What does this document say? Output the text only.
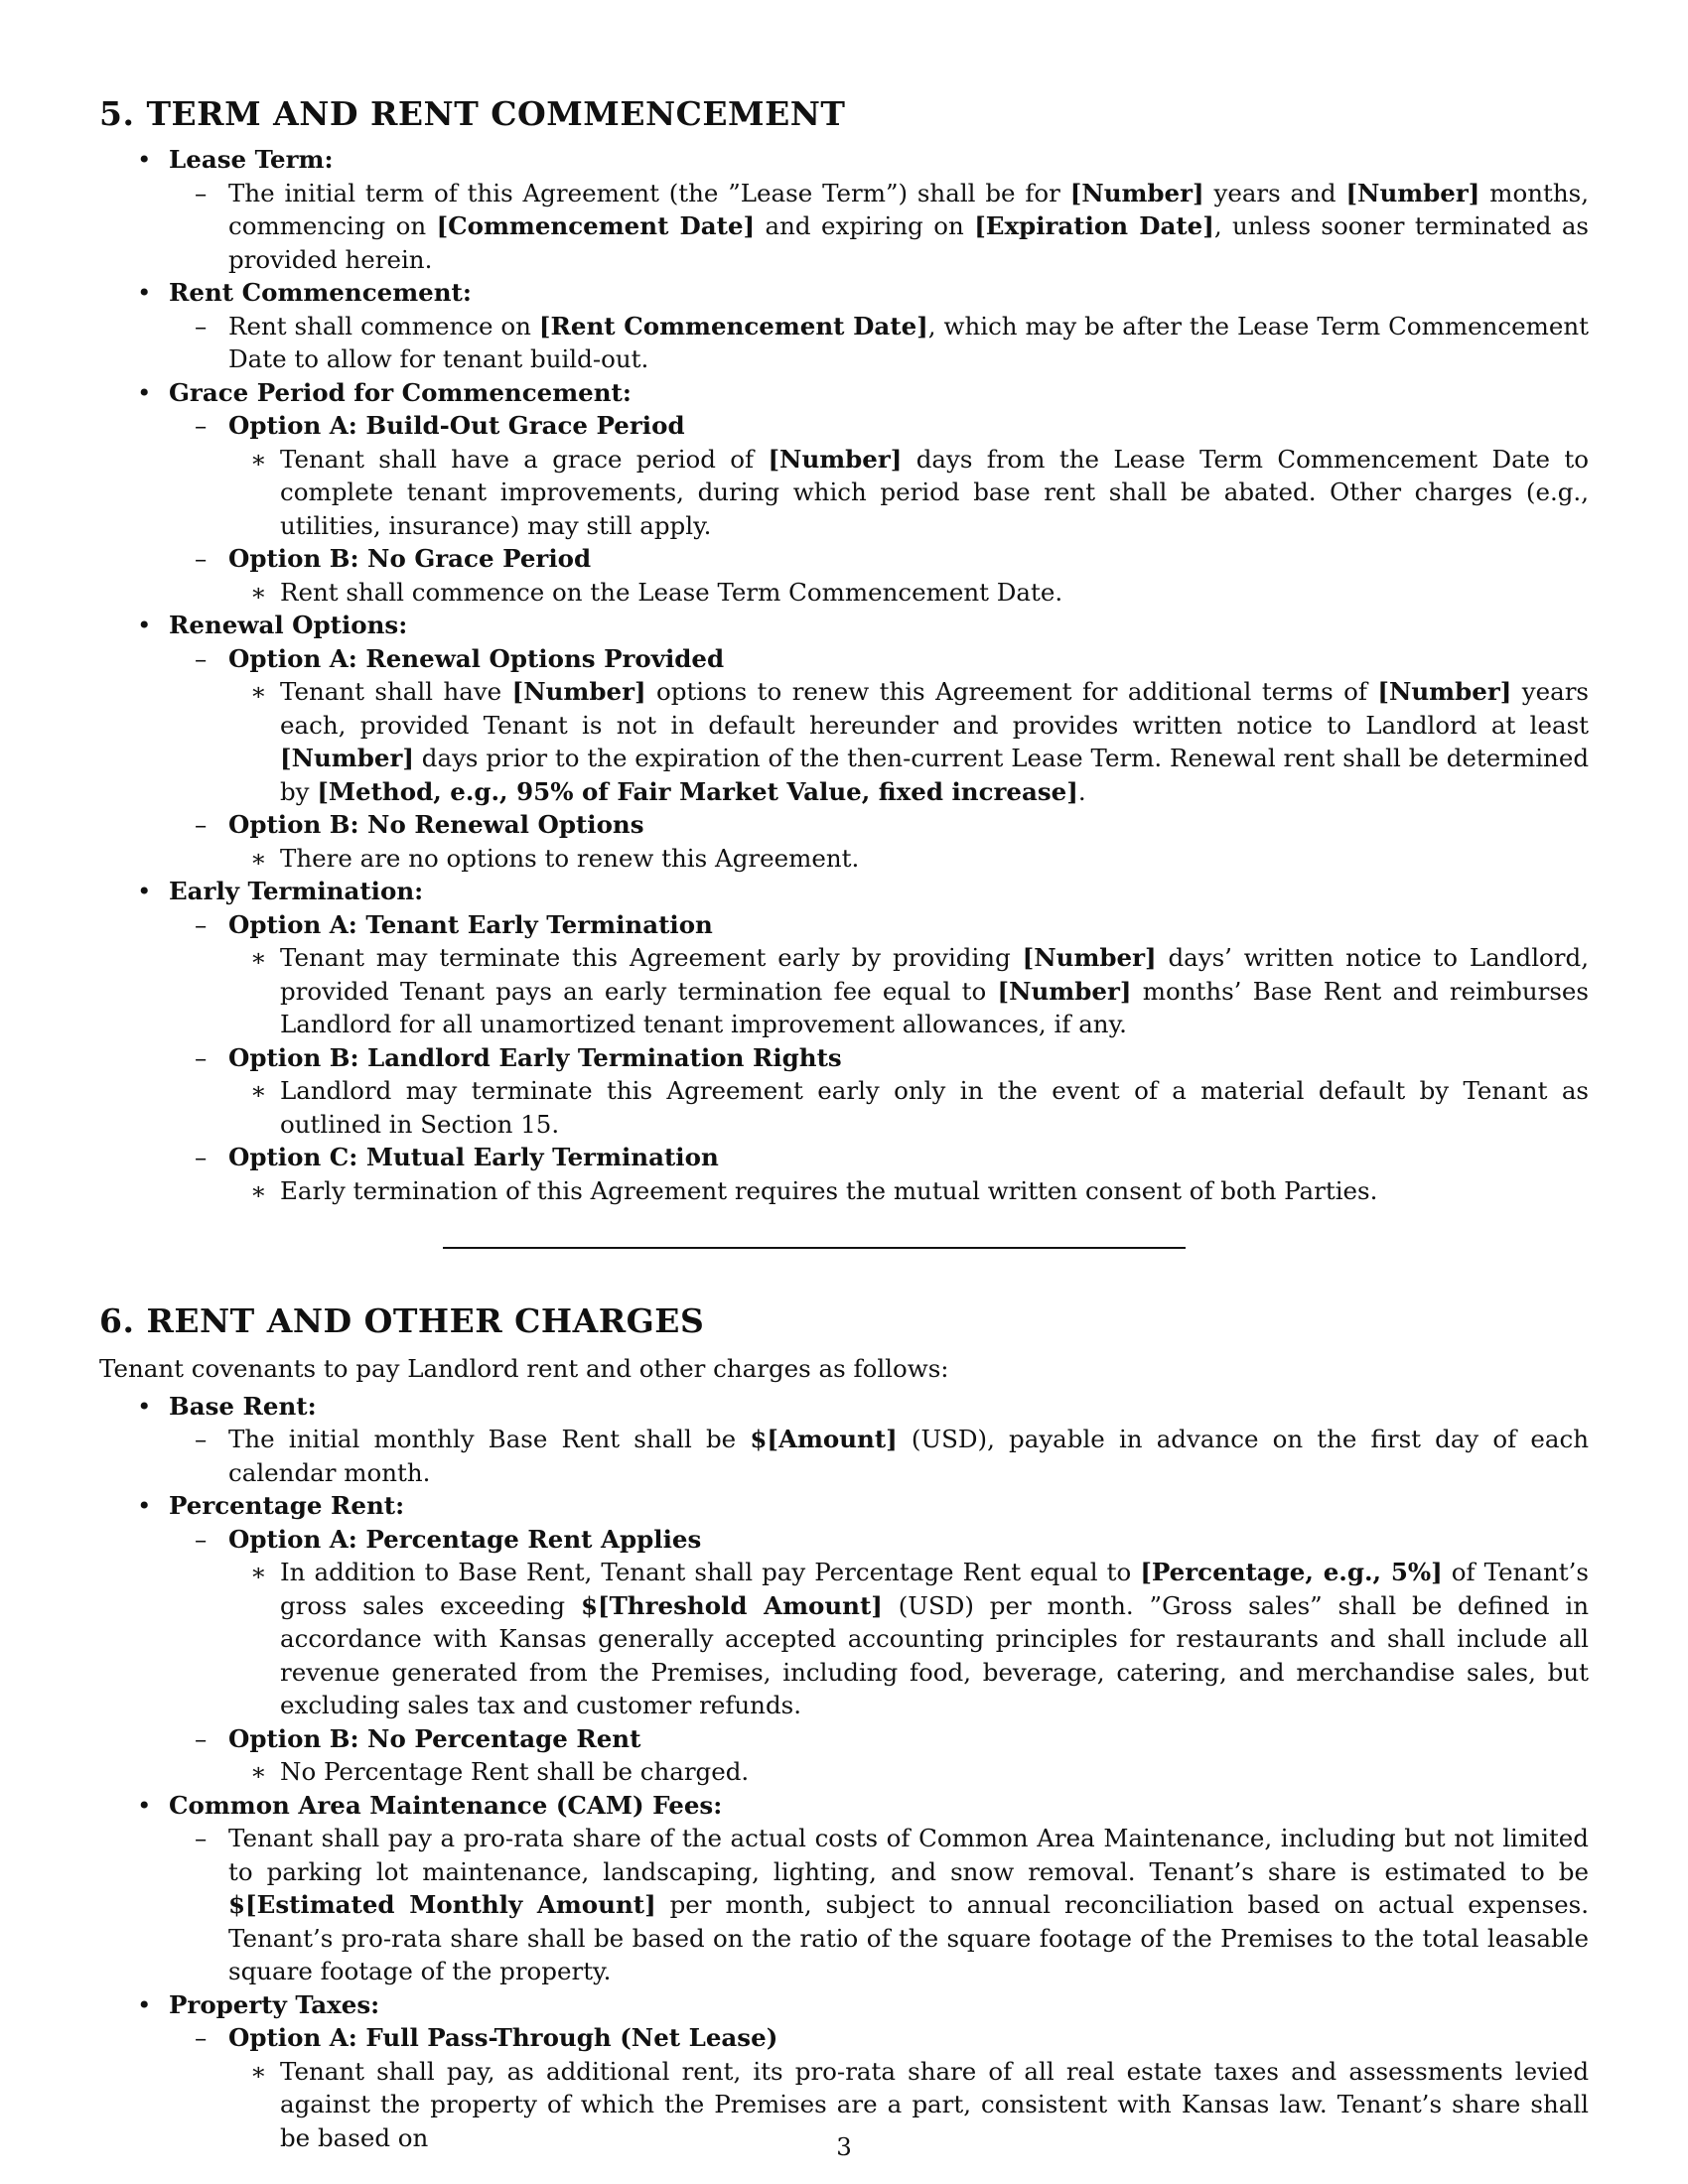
5. TERM AND RENT COMMENCEMENT
• Lease Term:
– The initial term of this Agreement (the ”Lease Term”) shall be for [Number] years and [Number] months, commencing on [Commencement Date] and expiring on [Expiration Date], unless sooner terminated as provided herein.
• Rent Commencement:
– Rent shall commence on [Rent Commencement Date], which may be after the Lease Term Commencement Date to allow for tenant build-out.
• Grace Period for Commencement:
– Option A: Build-Out Grace Period
∗ Tenant shall have a grace period of [Number] days from the Lease Term Commencement Date to complete tenant improvements, during which period base rent shall be abated. Other charges (e.g., utilities, insurance) may still apply.
– Option B: No Grace Period
∗ Rent shall commence on the Lease Term Commencement Date.
• Renewal Options:
– Option A: Renewal Options Provided
∗ Tenant shall have [Number] options to renew this Agreement for additional terms of [Number] years each, provided Tenant is not in default hereunder and provides written notice to Landlord at least [Number] days prior to the expiration of the then-current Lease Term. Renewal rent shall be determined by [Method, e.g., 95% of Fair Market Value, fixed increase].
– Option B: No Renewal Options
∗ There are no options to renew this Agreement.
• Early Termination:
– Option A: Tenant Early Termination
∗ Tenant may terminate this Agreement early by providing [Number] days’ written notice to Landlord, provided Tenant pays an early termination fee equal to [Number] months’ Base Rent and reimburses Landlord for all unamortized tenant improvement allowances, if any.
– Option B: Landlord Early Termination Rights
∗ Landlord may terminate this Agreement early only in the event of a material default by Tenant as outlined in Section 15.
– Option C: Mutual Early Termination
∗ Early termination of this Agreement requires the mutual written consent of both Parties.
6. RENT AND OTHER CHARGES

Tenant covenants to pay Landlord rent and other charges as follows:

• Base Rent:
– The initial monthly Base Rent shall be $[Amount] (USD), payable in advance on the first day of each calendar month.
• Percentage Rent:
– Option A: Percentage Rent Applies
∗ In addition to Base Rent, Tenant shall pay Percentage Rent equal to [Percentage, e.g., 5%] of Tenant’s gross sales exceeding $[Threshold Amount] (USD) per month. ”Gross sales” shall be defined in accordance with Kansas generally accepted accounting principles for restaurants and shall include all revenue generated from the Premises, including food, beverage, catering, and merchandise sales, but excluding sales tax and customer refunds.
– Option B: No Percentage Rent
∗ No Percentage Rent shall be charged.
• Common Area Maintenance (CAM) Fees:
– Tenant shall pay a pro-rata share of the actual costs of Common Area Maintenance, including but not limited to parking lot maintenance, landscaping, lighting, and snow removal. Tenant’s share is estimated to be $[Estimated Monthly Amount] per month, subject to annual reconciliation based on actual expenses. Tenant’s pro-rata share shall be based on the ratio of the square footage of the Premises to the total leasable square footage of the property.
• Property Taxes:
– Option A: Full Pass-Through (Net Lease)
∗ Tenant shall pay, as additional rent, its pro-rata share of all real estate taxes and assessments levied against the property of which the Premises are a part, consistent with Kansas law. Tenant’s share shall be based on	3
